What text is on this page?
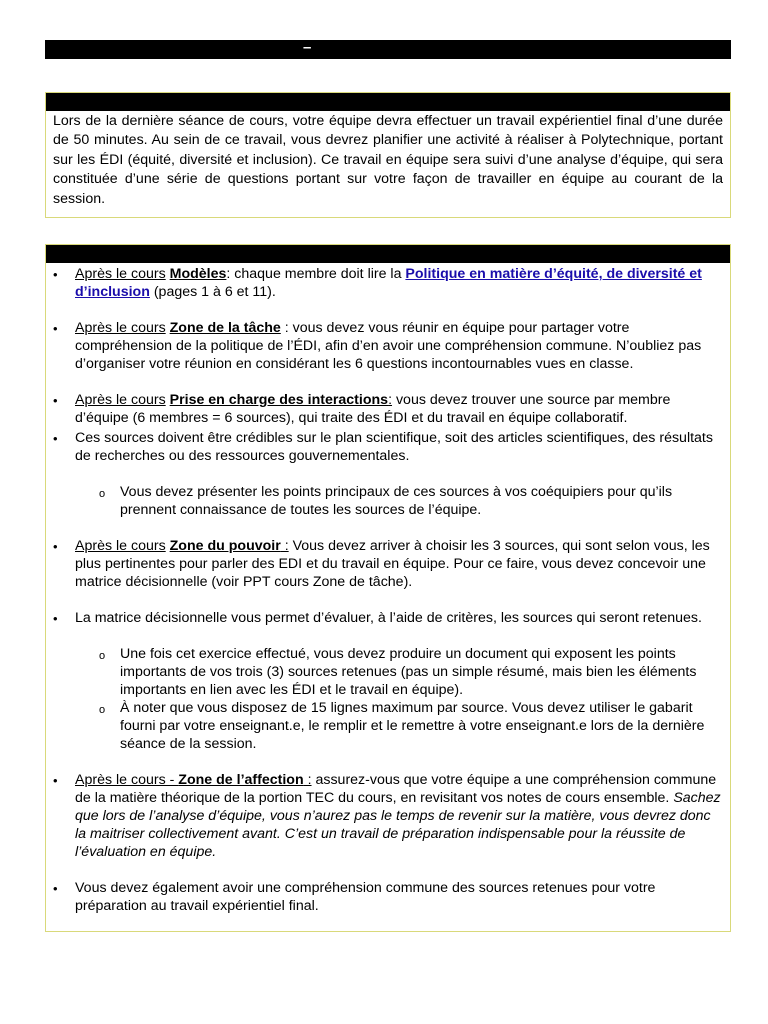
–
Lors de la dernière séance de cours, votre équipe devra effectuer un travail expérientiel final d’une durée de 50 minutes. Au sein de ce travail, vous devrez planifier une activité à réaliser à Polytechnique, portant sur les ÉDI (équité, diversité et inclusion). Ce travail en équipe sera suivi d’une analyse d’équipe, qui sera constituée d’une série de questions portant sur votre façon de travailler en équipe au courant de la session.
• Après le cours Modèles: chaque membre doit lire la Politique en matière d’équité, de diversité et d’inclusion (pages 1 à 6 et 11).
• Après le cours Zone de la tâche : vous devez vous réunir en équipe pour partager votre compréhension de la politique de l’ÉDI, afin d’en avoir une compréhension commune. N’oubliez pas d’organiser votre réunion en considérant les 6 questions incontournables vues en classe.
• Après le cours Prise en charge des interactions: vous devez trouver une source par membre d’équipe (6 membres = 6 sources), qui traite des ÉDI et du travail en équipe collaboratif.
• Ces sources doivent être crédibles sur le plan scientifique, soit des articles scientifiques, des résultats de recherches ou des ressources gouvernementales.
o Vous devez présenter les points principaux de ces sources à vos coéquipiers pour qu’ils prennent connaissance de toutes les sources de l’équipe.
• Après le cours Zone du pouvoir : Vous devez arriver à choisir les 3 sources, qui sont selon vous, les plus pertinentes pour parler des EDI et du travail en équipe. Pour ce faire, vous devez concevoir une matrice décisionnelle (voir PPT cours Zone de tâche).
• La matrice décisionnelle vous permet d’évaluer, à l’aide de critères, les sources qui seront retenues.
o Une fois cet exercice effectué, vous devez produire un document qui exposent les points importants de vos trois (3) sources retenues (pas un simple résumé, mais bien les éléments importants en lien avec les ÉDI et le travail en équipe).
o À noter que vous disposez de 15 lignes maximum par source. Vous devez utiliser le gabarit fourni par votre enseignant.e, le remplir et le remettre à votre enseignant.e lors de la dernière séance de la session.
• Après le cours - Zone de l’affection : assurez-vous que votre équipe a une compréhension commune de la matière théorique de la portion TEC du cours, en revisitant vos notes de cours ensemble. Sachez que lors de l’analyse d’équipe, vous n’aurez pas le temps de revenir sur la matière, vous devrez donc la maitriser collectivement avant. C’est un travail de préparation indispensable pour la réussite de l’évaluation en équipe.
• Vous devez également avoir une compréhension commune des sources retenues pour votre préparation au travail expérientiel final.
